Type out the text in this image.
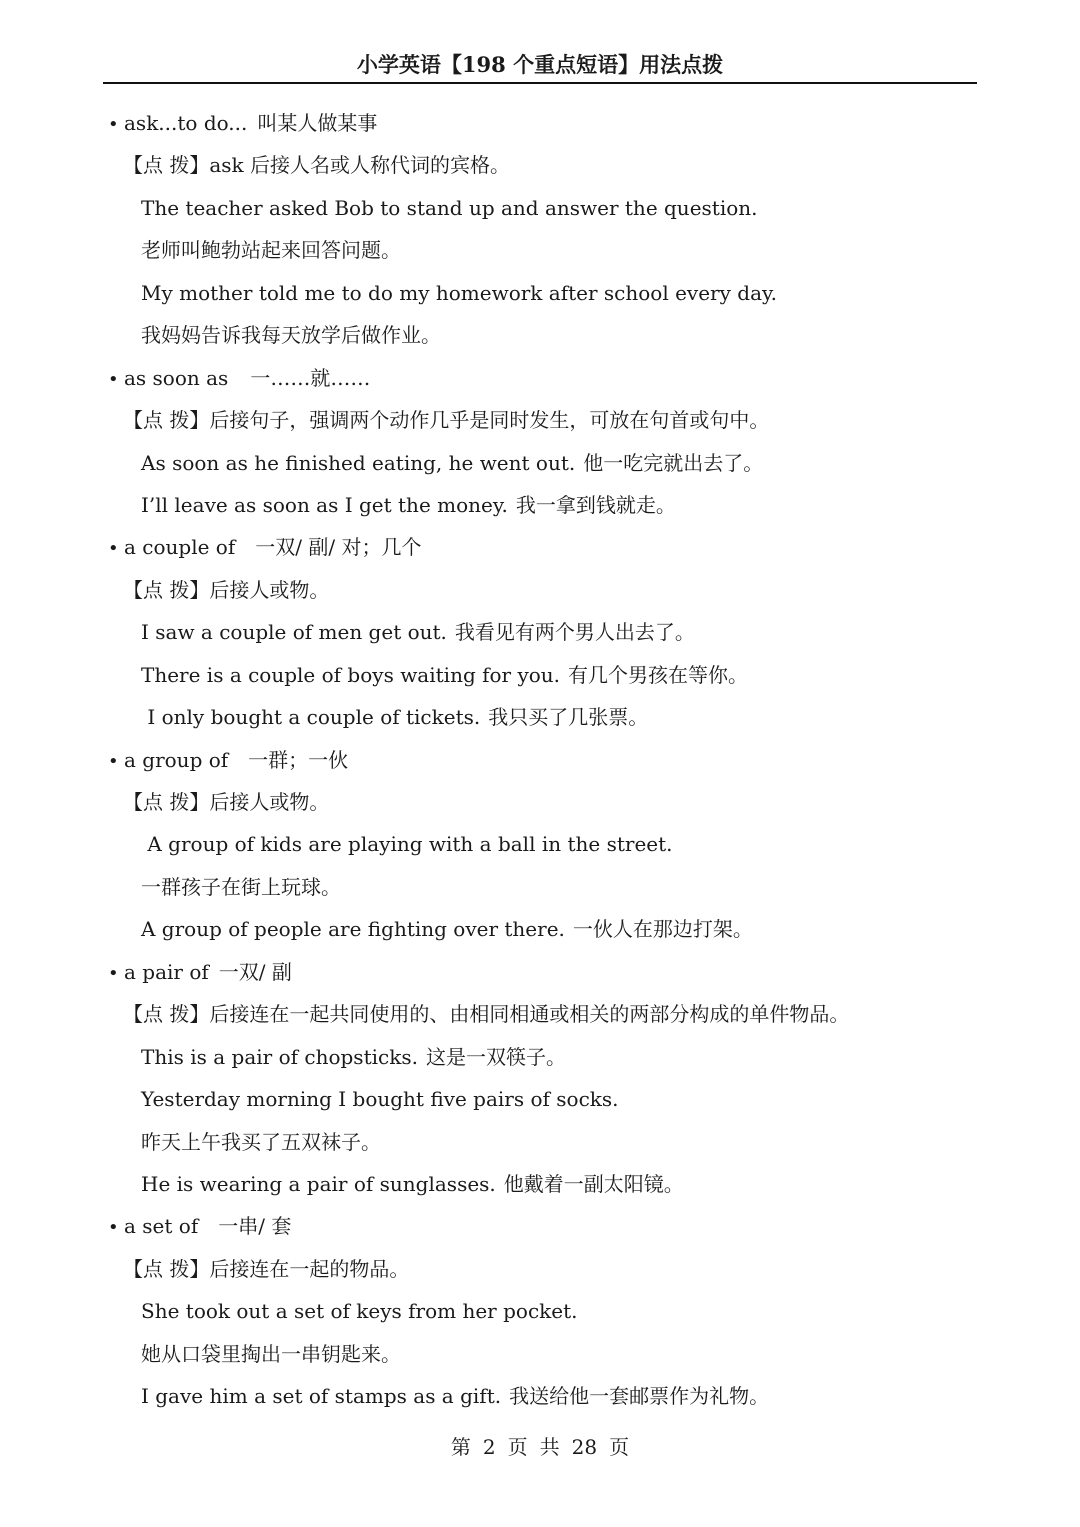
小学英语【198 个重点短语】用法点拨
• ask...to do... 叫某人做某事
【点 拨】ask 后接人名或人称代词的宾格。
The teacher asked Bob to stand up and answer the question.
老师叫鲍勃站起来回答问题。
My mother told me to do my homework after school every day.
我妈妈告诉我每天放学后做作业。
• as soon as 一……就……
【点 拨】后接句子，强调两个动作几乎是同时发生，可放在句首或句中。
As soon as he finished eating, he went out. 他一吃完就出去了。
I’ll leave as soon as I get the money. 我一拿到钱就走。
• a couple of 一双/ 副/ 对；几个
【点 拨】后接人或物。
I saw a couple of men get out. 我看见有两个男人出去了。
There is a couple of boys waiting for you. 有几个男孩在等你。
I only bought a couple of tickets. 我只买了几张票。
• a group of 一群；一伙
【点 拨】后接人或物。
A group of kids are playing with a ball in the street.
一群孩子在街上玩球。
A group of people are fighting over there. 一伙人在那边打架。
• a pair of 一双/ 副
【点 拨】后接连在一起共同使用的、由相同相通或相关的两部分构成的单件物品。
This is a pair of chopsticks. 这是一双筷子。
Yesterday morning I bought five pairs of socks.
昨天上午我买了五双袜子。
He is wearing a pair of sunglasses. 他戴着一副太阳镜。
• a set of 一串/ 套
【点 拨】后接连在一起的物品。
She took out a set of keys from her pocket.
她从口袋里掏出一串钥匙来。
I gave him a set of stamps as a gift. 我送给他一套邮票作为礼物。
第 2 页 共 28 页
